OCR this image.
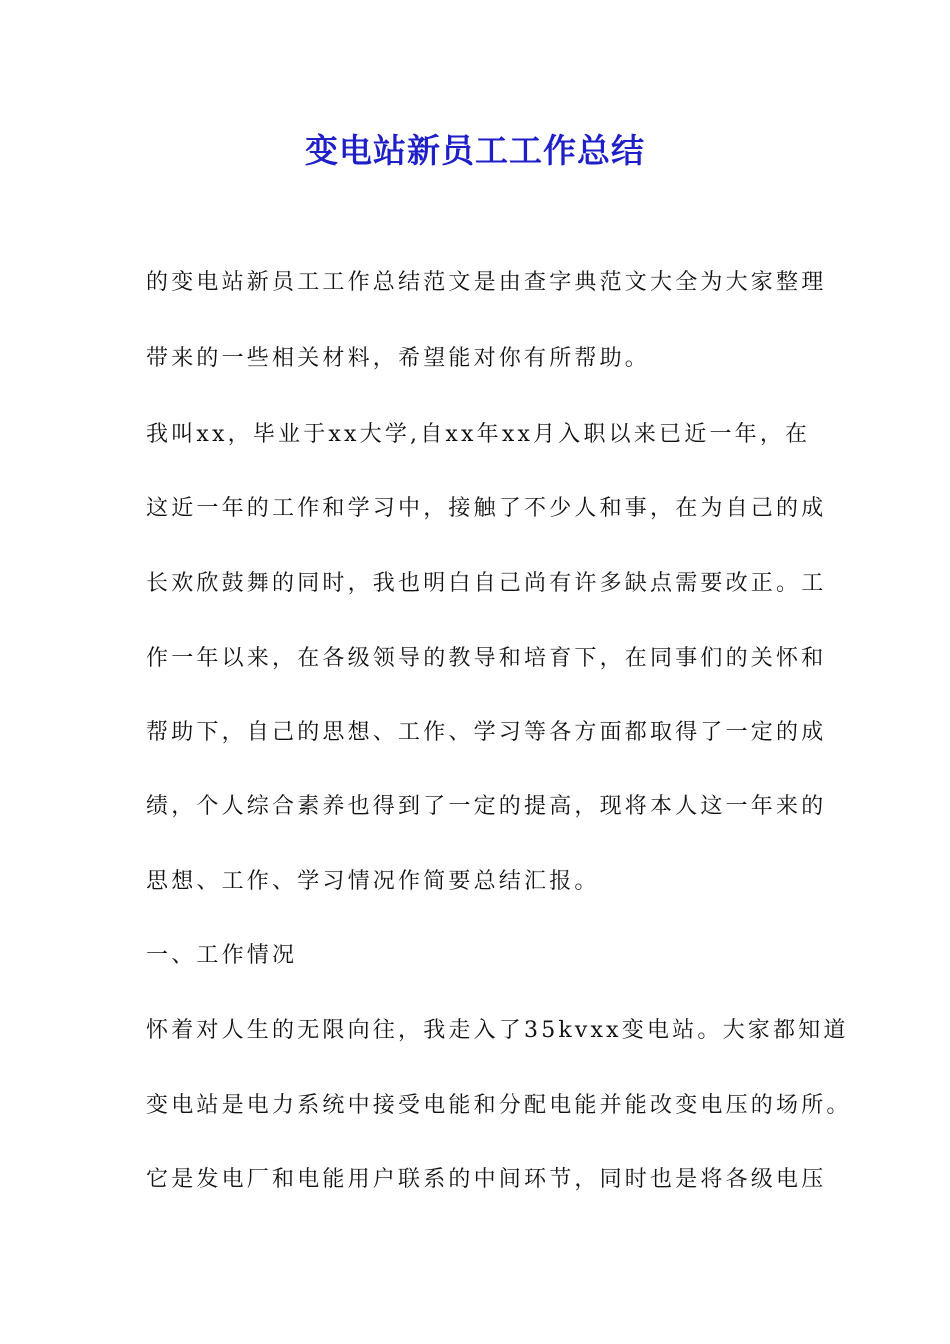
变电站新员工工作总结
的变电站新员工工作总结范文是由查字典范文大全为大家整理
带来的一些相关材料，希望能对你有所帮助。
我叫xx，毕业于xx大学,自xx年xx月入职以来已近一年，在
这近一年的工作和学习中，接触了不少人和事，在为自己的成
长欢欣鼓舞的同时，我也明白自己尚有许多缺点需要改正。工
作一年以来，在各级领导的教导和培育下，在同事们的关怀和
帮助下，自己的思想、工作、学习等各方面都取得了一定的成
绩，个人综合素养也得到了一定的提高，现将本人这一年来的
思想、工作、学习情况作简要总结汇报。
一、工作情况
怀着对人生的无限向往，我走入了35kvxx变电站。大家都知道
变电站是电力系统中接受电能和分配电能并能改变电压的场所。
它是发电厂和电能用户联系的中间环节，同时也是将各级电压
